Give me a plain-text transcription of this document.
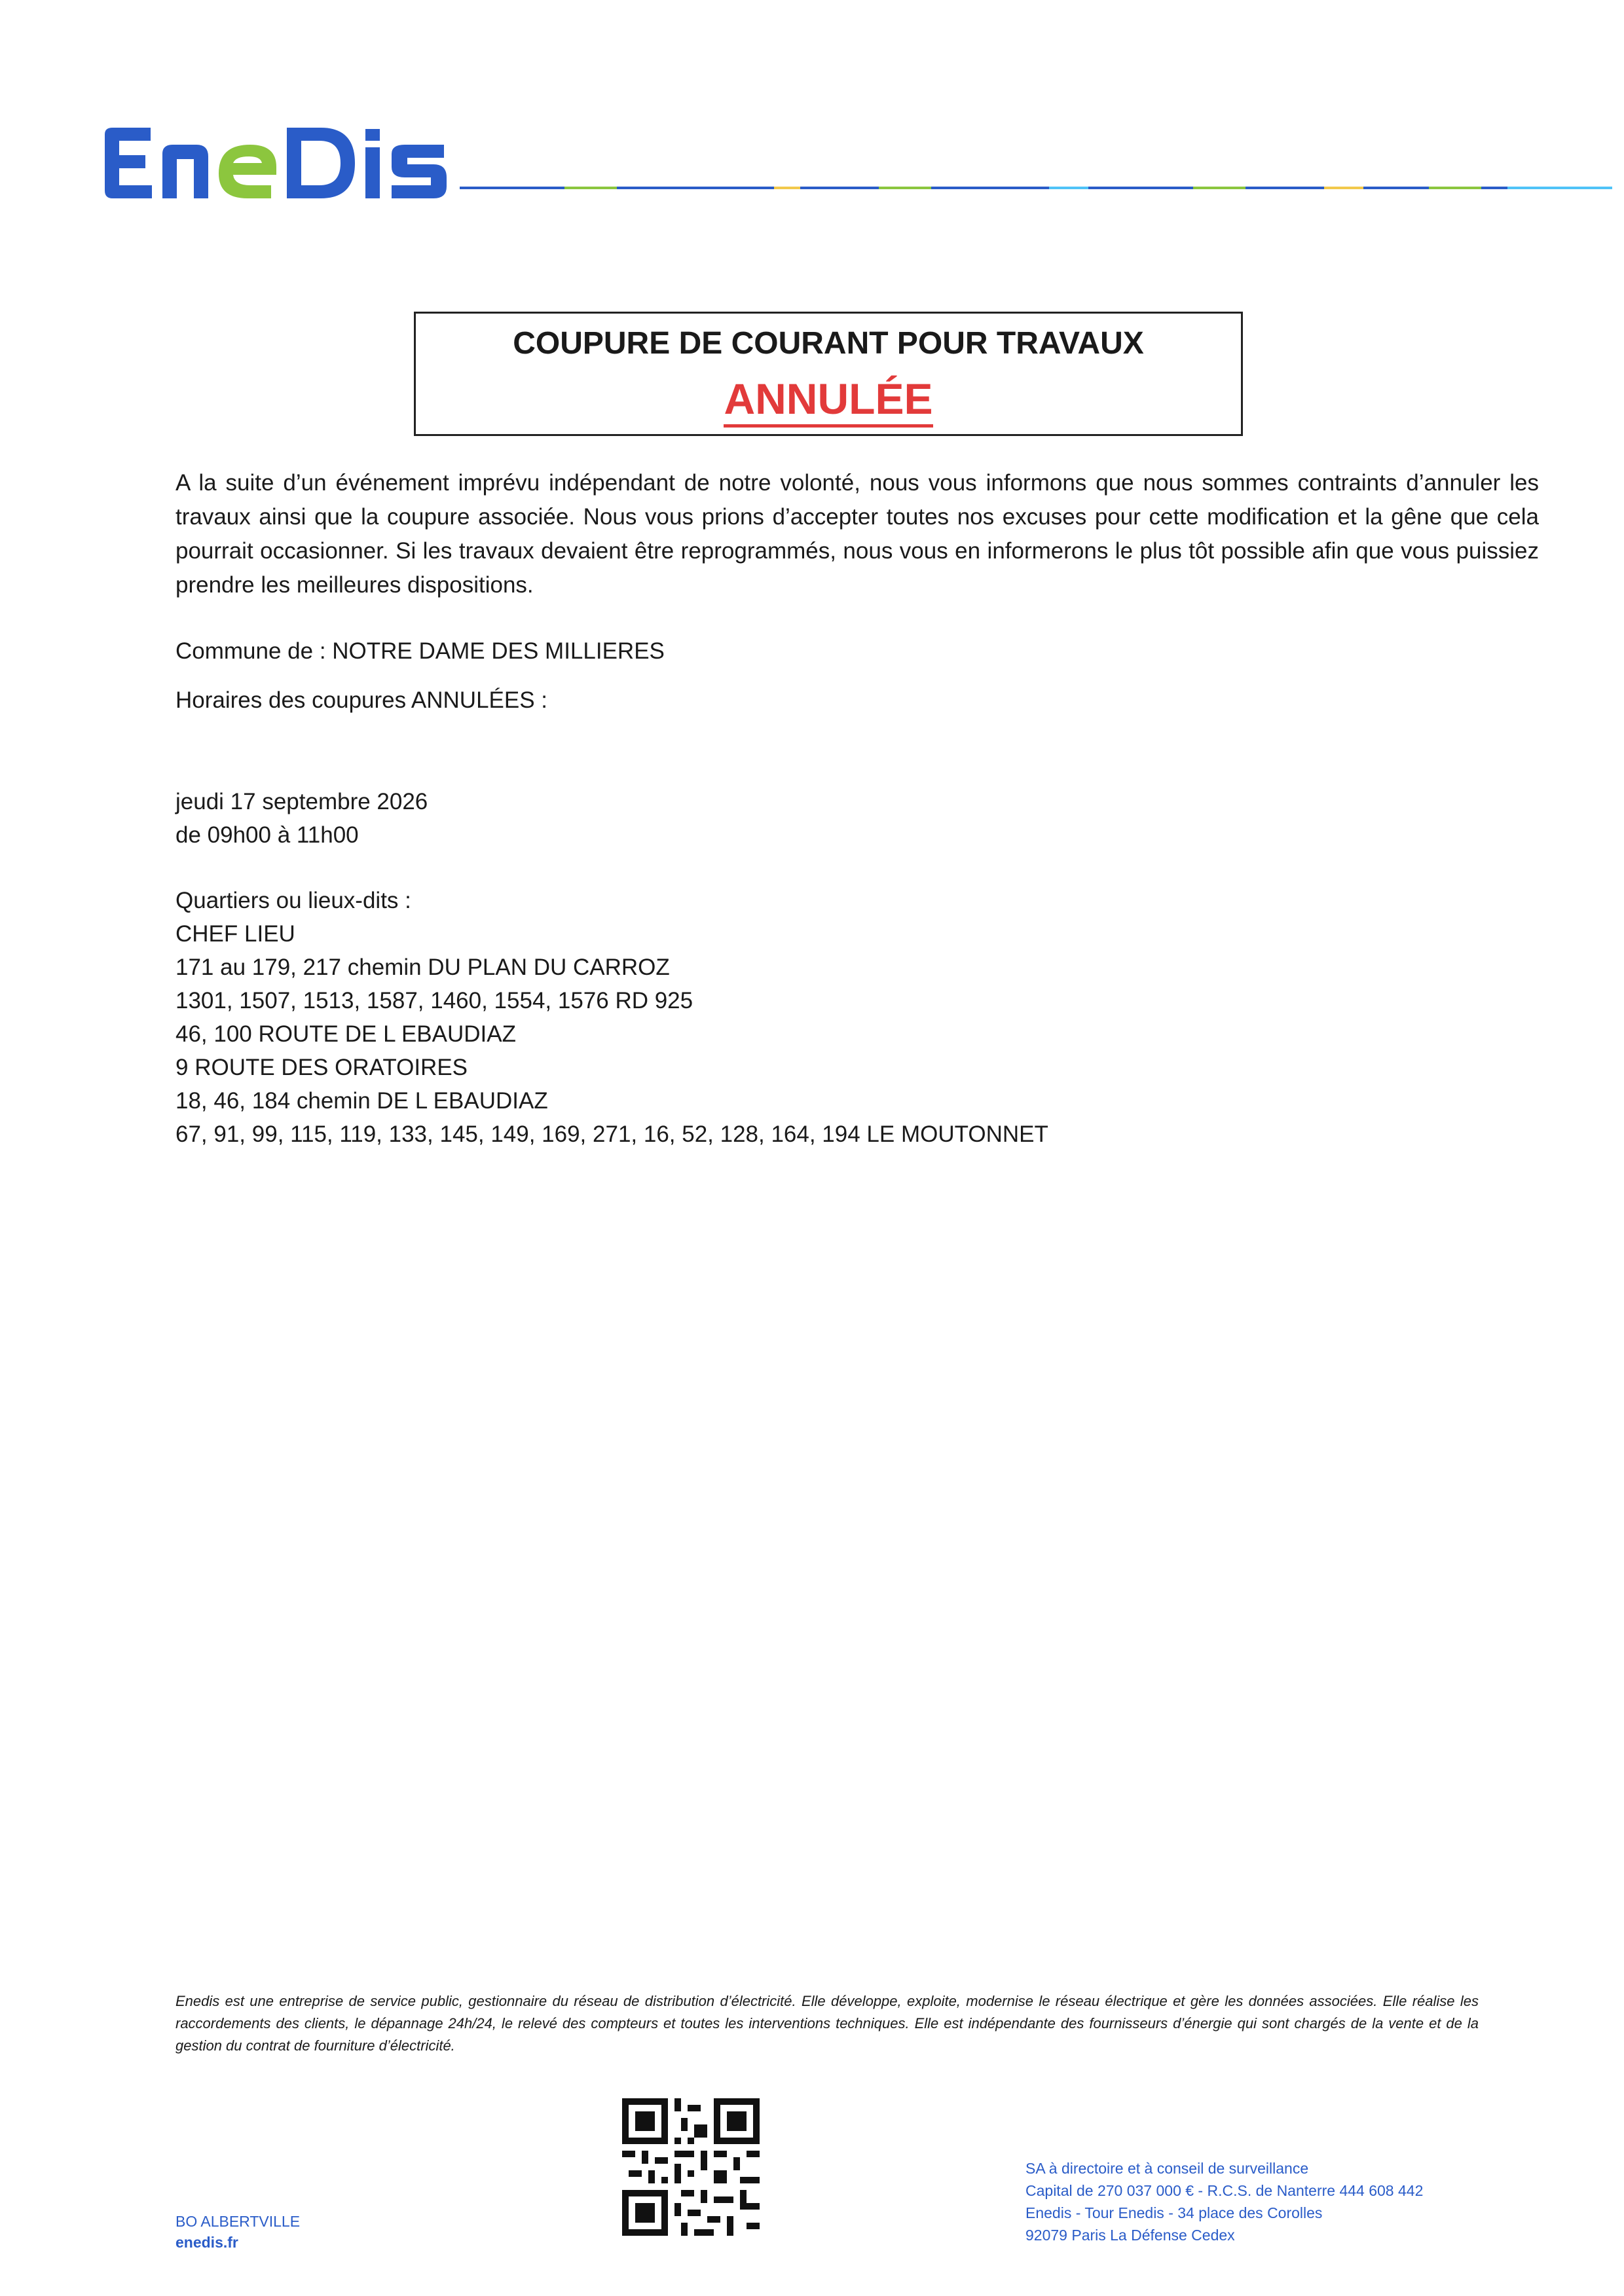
COUPURE DE COURANT POUR TRAVAUX
ANNULÉE
A la suite d’un événement imprévu indépendant de notre volonté, nous vous informons que nous sommes contraints d’annuler les travaux ainsi que la coupure associée. Nous vous prions d’accepter toutes nos excuses pour cette modification et la gêne que cela pourrait occasionner. Si les travaux devaient être reprogrammés, nous vous en informerons le plus tôt possible afin que vous puissiez prendre les meilleures dispositions.
Commune de : NOTRE DAME DES MILLIERES
Horaires des coupures ANNULÉES :
jeudi 17 septembre 2026
de 09h00 à 11h00
Quartiers ou lieux-dits :
CHEF LIEU
171 au 179, 217 chemin DU PLAN DU CARROZ
1301, 1507, 1513, 1587, 1460, 1554, 1576 RD 925
46, 100 ROUTE DE L EBAUDIAZ
9 ROUTE DES ORATOIRES
18, 46, 184 chemin DE L EBAUDIAZ
67, 91, 99, 115, 119, 133, 145, 149, 169, 271, 16, 52, 128, 164, 194 LE MOUTONNET
Enedis est une entreprise de service public, gestionnaire du réseau de distribution d’électricité. Elle développe, exploite, modernise le réseau électrique et gère les données associées. Elle réalise les raccordements des clients, le dépannage 24h/24, le relevé des compteurs et toutes les interventions techniques. Elle est indépendante des fournisseurs d’énergie qui sont chargés de la vente et de la gestion du contrat de fourniture d’électricité.
BO ALBERTVILLE
enedis.fr
SA à directoire et à conseil de surveillance
Capital de 270 037 000 € - R.C.S. de Nanterre 444 608 442
Enedis - Tour Enedis - 34 place des Corolles
92079 Paris La Défense Cedex
